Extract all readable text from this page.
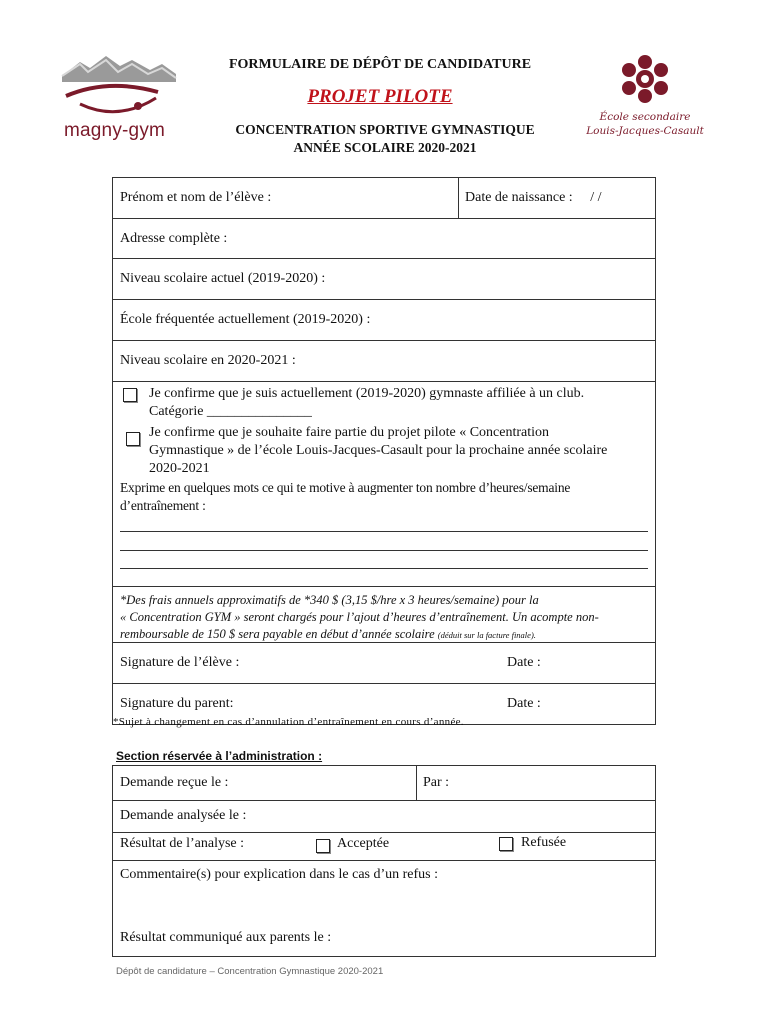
magny-gym
École secondaire
Louis-Jacques-Casault
FORMULAIRE DE DÉPÔT DE CANDIDATURE
PROJET PILOTE
CONCENTRATION SPORTIVE GYMNASTIQUE
ANNÉE SCOLAIRE 2020-2021
Prénom et nom de l’élève :	Date de naissance : / /
Adresse complète :
Niveau scolaire actuel (2019-2020) :
École fréquentée actuellement (2019-2020) :
Niveau scolaire en 2020-2021 :
Je confirme que je suis actuellement (2019-2020) gymnaste affiliée à un club.
Catégorie _______________
Je confirme que je souhaite faire partie du projet pilote « Concentration
Gymnastique » de l’école Louis-Jacques-Casault pour la prochaine année scolaire
2020-2021
Exprime en quelques mots ce qui te motive à augmenter ton nombre d’heures/semaine
d’entraînement :
*Des frais annuels approximatifs de *340 $ (3,15 $/hre x 3 heures/semaine) pour la
« Concentration GYM » seront chargés pour l’ajout d’heures d’entraînement. Un acompte non-
remboursable de 150 $ sera payable en début d’année scolaire (déduit sur la facture finale).
Signature de l’élève :	Date :
Signature du parent:	Date :
*Sujet à changement en cas d’annulation d’entraînement en cours d’année.
Section réservée à l’administration :
Demande reçue le :	Par :
Demande analysée le :
Résultat de l’analyse :	Acceptée	Refusée
Commentaire(s) pour explication dans le cas d’un refus :
Résultat communiqué aux parents le :
Dépôt de candidature – Concentration Gymnastique 2020-2021
